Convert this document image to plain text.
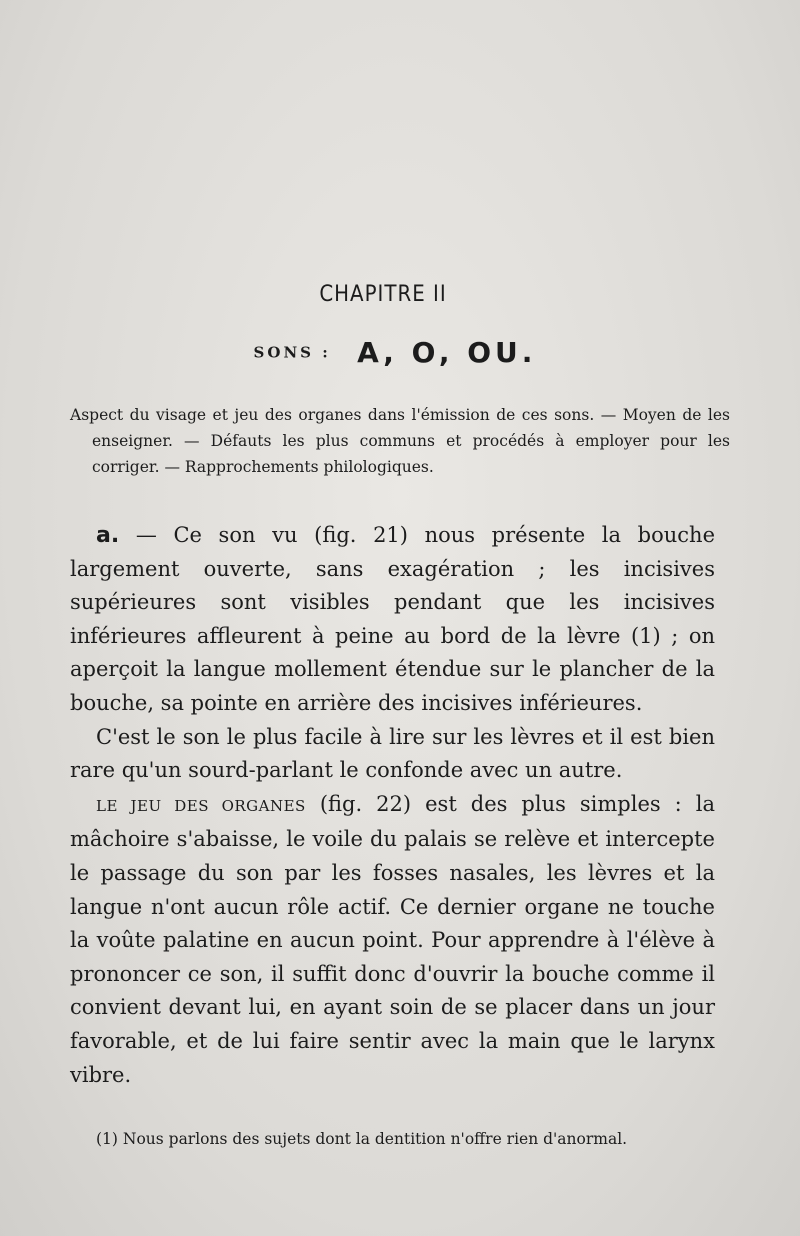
CHAPITRE II
SONS : A, O, OU.

Aspect du visage et jeu des organes dans l'émission de ces sons. — Moyen de les enseigner. — Défauts les plus communs et procédés à employer pour les corriger. — Rapprochements philologiques.

a. — Ce son vu (fig. 21) nous présente la bouche largement ouverte, sans exagération ; les incisives supérieures sont visibles pendant que les incisives inférieures affleurent à peine au bord de la lèvre (1) ; on aperçoit la langue mollement étendue sur le plancher de la bouche, sa pointe en arrière des incisives inférieures.

C'est le son le plus facile à lire sur les lèvres et il est bien rare qu'un sourd-parlant le confonde avec un autre.

LE JEU DES ORGANES (fig. 22) est des plus simples : la mâchoire s'abaisse, le voile du palais se relève et intercepte le passage du son par les fosses nasales, les lèvres et la langue n'ont aucun rôle actif. Ce dernier organe ne touche la voûte palatine en aucun point. Pour apprendre à l'élève à prononcer ce son, il suffit donc d'ouvrir la bouche comme il convient devant lui, en ayant soin de se placer dans un jour favorable, et de lui faire sentir avec la main que le larynx vibre.

(1) Nous parlons des sujets dont la dentition n'offre rien d'anormal.
